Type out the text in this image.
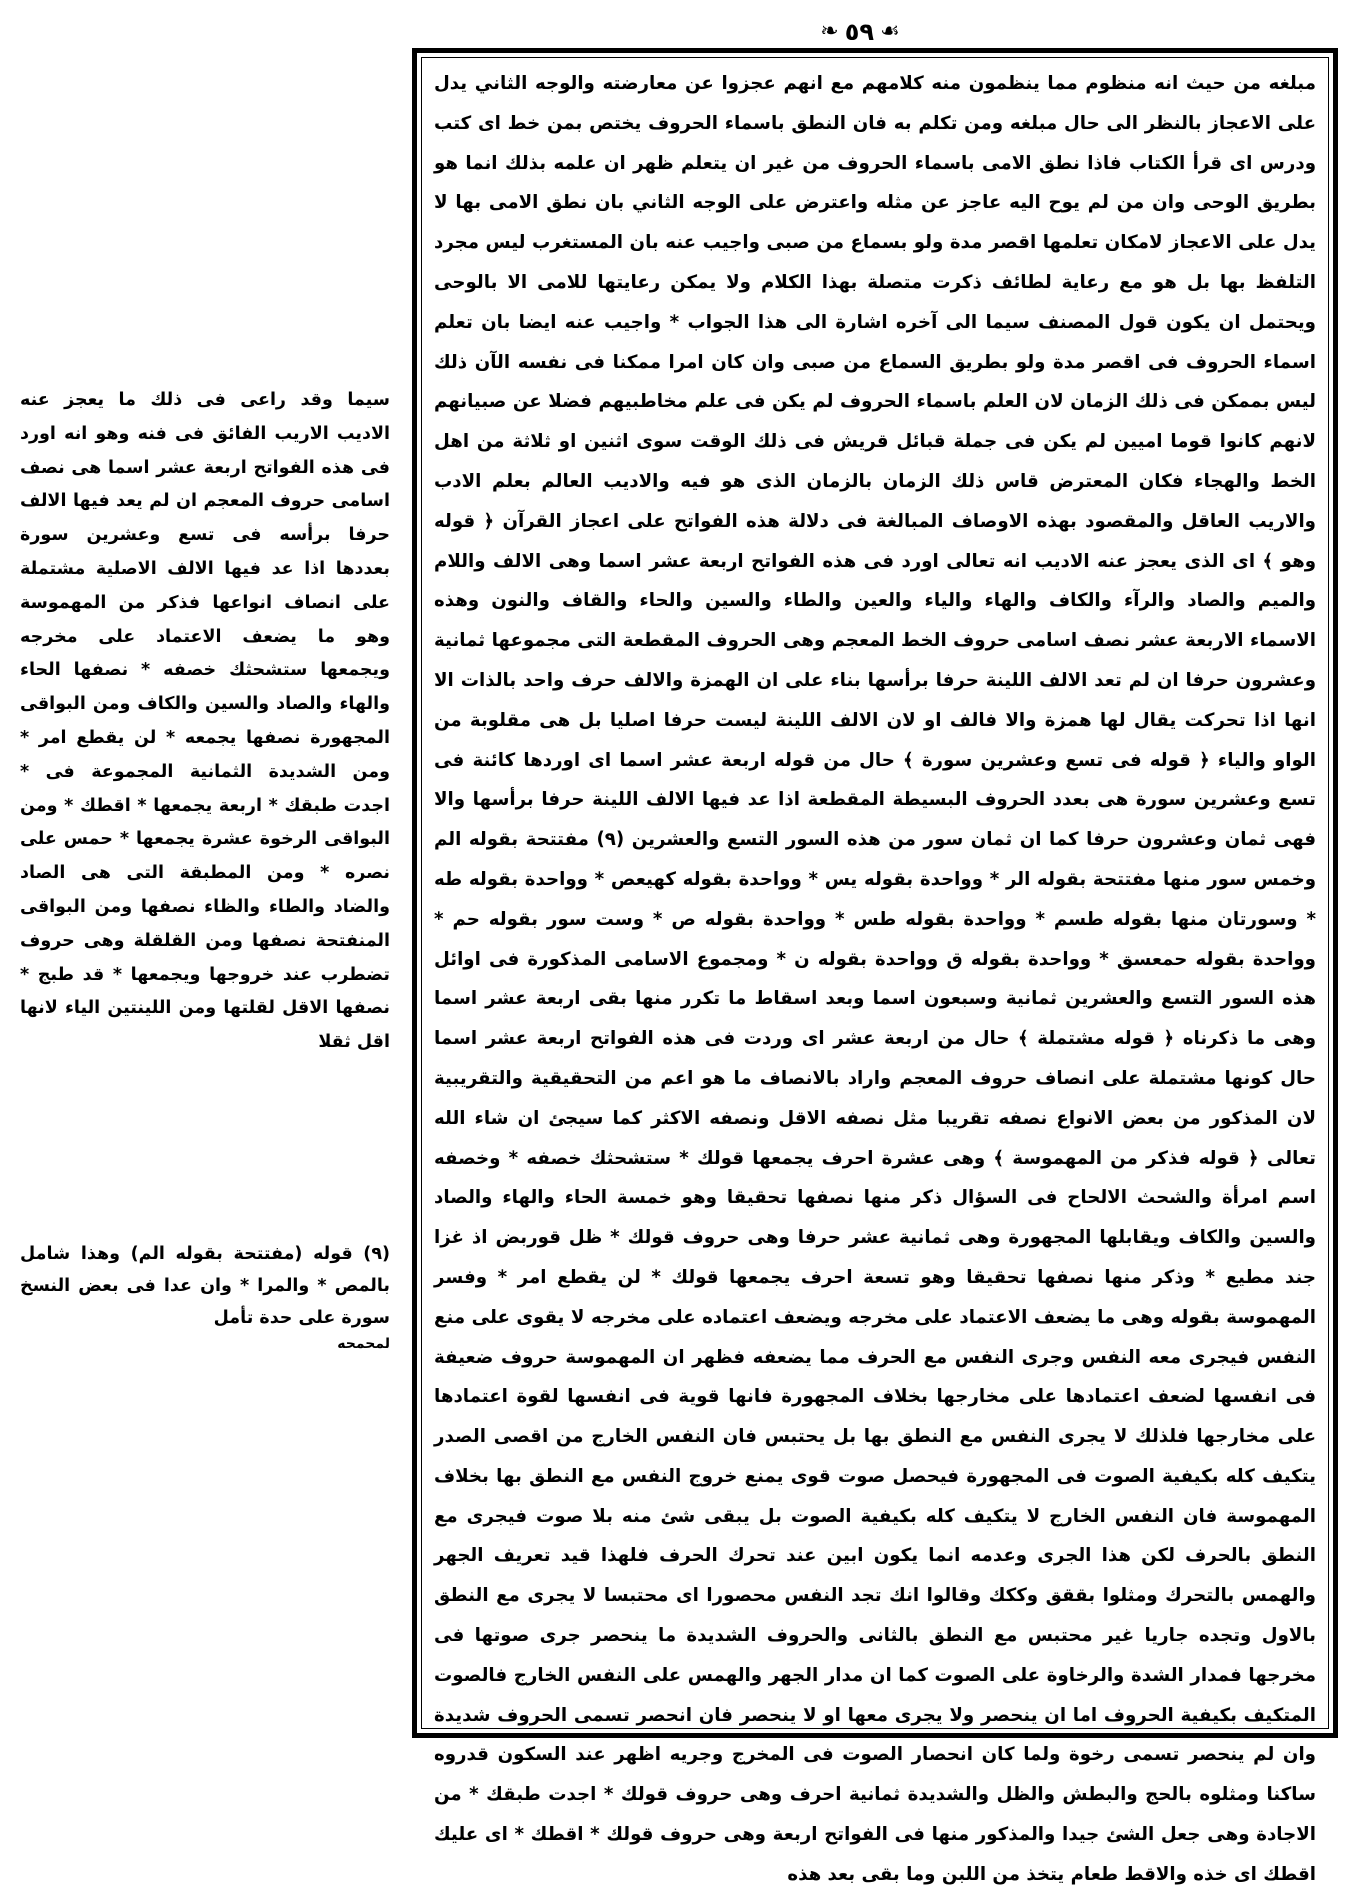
❧ ٥٩ ☙

مبلغه من حيث انه منظوم مما ينظمون منه كلامهم مع انهم عجزوا عن معارضته والوجه الثاني يدل على الاعجاز بالنظر الى حال مبلغه ومن تكلم به فان النطق باسماء الحروف يختص بمن خط اى كتب ودرس اى قرأ الكتاب فاذا نطق الامى باسماء الحروف من غير ان يتعلم ظهر ان علمه بذلك انما هو بطريق الوحى وان من لم يوح اليه عاجز عن مثله واعترض على الوجه الثاني بان نطق الامى بها لا يدل على الاعجاز لامكان تعلمها اقصر مدة ولو بسماع من صبى واجيب عنه بان المستغرب ليس مجرد التلفظ بها بل هو مع رعاية لطائف ذكرت متصلة بهذا الكلام ولا يمكن رعايتها للامى الا بالوحى ويحتمل ان يكون قول المصنف سيما الى آخره اشارة الى هذا الجواب * واجيب عنه ايضا بان تعلم اسماء الحروف فى اقصر مدة ولو بطريق السماع من صبى وان كان امرا ممكنا فى نفسه الآن ذلك ليس بممكن فى ذلك الزمان لان العلم باسماء الحروف لم يكن فى علم مخاطبيهم فضلا عن صبيانهم لانهم كانوا قوما اميين لم يكن فى جملة قبائل قريش فى ذلك الوقت سوى اثنين او ثلاثة من اهل الخط والهجاء فكان المعترض قاس ذلك الزمان بالزمان الذى هو فيه والاديب العالم بعلم الادب والاريب العاقل والمقصود بهذه الاوصاف المبالغة فى دلالة هذه الفواتح على اعجاز القرآن ﴿ قوله وهو ﴾ اى الذى يعجز عنه الاديب انه تعالى اورد فى هذه الفواتح اربعة عشر اسما وهى الالف واللام والميم والصاد والرآء والكاف والهاء والياء والعين والطاء والسين والحاء والقاف والنون وهذه الاسماء الاربعة عشر نصف اسامى حروف الخط المعجم وهى الحروف المقطعة التى مجموعها ثمانية وعشرون حرفا ان لم تعد الالف اللينة حرفا برأسها بناء على ان الهمزة والالف حرف واحد بالذات الا انها اذا تحركت يقال لها همزة والا فالف او لان الالف اللينة ليست حرفا اصليا بل هى مقلوبة من الواو والياء ﴿ قوله فى تسع وعشرين سورة ﴾ حال من قوله اربعة عشر اسما اى اوردها كائنة فى تسع وعشرين سورة هى بعدد الحروف البسيطة المقطعة اذا عد فيها الالف اللينة حرفا برأسها والا فهى ثمان وعشرون حرفا كما ان ثمان سور من هذه السور التسع والعشرين (٩) مفتتحة بقوله الم وخمس سور منها مفتتحة بقوله الر * وواحدة بقوله يس * وواحدة بقوله كهيعص * وواحدة بقوله طه * وسورتان منها بقوله طسم * وواحدة بقوله طس * وواحدة بقوله ص * وست سور بقوله حم * وواحدة بقوله حمعسق * وواحدة بقوله ق وواحدة بقوله ن * ومجموع الاسامى المذكورة فى اوائل هذه السور التسع والعشرين ثمانية وسبعون اسما وبعد اسقاط ما تكرر منها بقى اربعة عشر اسما وهى ما ذكرناه ﴿ قوله مشتملة ﴾ حال من اربعة عشر اى وردت فى هذه الفواتح اربعة عشر اسما حال كونها مشتملة على انصاف حروف المعجم واراد بالانصاف ما هو اعم من التحقيقية والتقريبية لان المذكور من بعض الانواع نصفه تقريبا مثل نصفه الاقل ونصفه الاكثر كما سيجئ ان شاء الله تعالى ﴿ قوله فذكر من المهموسة ﴾ وهى عشرة احرف يجمعها قولك * ستشحثك خصفه * وخصفه اسم امرأة والشحث الالحاح فى السؤال ذكر منها نصفها تحقيقا وهو خمسة الحاء والهاء والصاد والسين والكاف ويقابلها المجهورة وهى ثمانية عشر حرفا وهى حروف قولك * ظل قوربض اذ غزا جند مطيع * وذكر منها نصفها تحقيقا وهو تسعة احرف يجمعها قولك * لن يقطع امر * وفسر المهموسة بقوله وهى ما يضعف الاعتماد على مخرجه ويضعف اعتماده على مخرجه لا يقوى على منع النفس فيجرى معه النفس وجرى النفس مع الحرف مما يضعفه فظهر ان المهموسة حروف ضعيفة فى انفسها لضعف اعتمادها على مخارجها بخلاف المجهورة فانها قوية فى انفسها لقوة اعتمادها على مخارجها فلذلك لا يجرى النفس مع النطق بها بل يحتبس فان النفس الخارج من اقصى الصدر يتكيف كله بكيفية الصوت فى المجهورة فيحصل صوت قوى يمنع خروج النفس مع النطق بها بخلاف المهموسة فان النفس الخارج لا يتكيف كله بكيفية الصوت بل يبقى شئ منه بلا صوت فيجرى مع النطق بالحرف لكن هذا الجرى وعدمه انما يكون ابين عند تحرك الحرف فلهذا قيد تعريف الجهر والهمس بالتحرك ومثلوا بققق وككك وقالوا انك تجد النفس محصورا اى محتبسا لا يجرى مع النطق بالاول وتجده جاريا غير محتبس مع النطق بالثانى والحروف الشديدة ما ينحصر جرى صوتها فى مخرجها فمدار الشدة والرخاوة على الصوت كما ان مدار الجهر والهمس على النفس الخارج فالصوت المتكيف بكيفية الحروف اما ان ينحصر ولا يجرى معها او لا ينحصر فان انحصر تسمى الحروف شديدة وان لم ينحصر تسمى رخوة ولما كان انحصار الصوت فى المخرج وجريه اظهر عند السكون قدروه ساكنا ومثلوه بالحج والبطش والظل والشديدة ثمانية احرف وهى حروف قولك * اجدت طبقك * من الاجادة وهى جعل الشئ جيدا والمذكور منها فى الفواتح اربعة وهى حروف قولك * اقطك * اى عليك اقطك اى خذه والاقط طعام يتخذ من اللبن وما بقى بعد هذه

سيما وقد راعى فى ذلك ما يعجز عنه الاديب الاريب الفائق فى فنه وهو انه اورد فى هذه الفواتح اربعة عشر اسما هى نصف اسامى حروف المعجم ان لم يعد فيها الالف حرفا برأسه فى تسع وعشرين سورة بعددها اذا عد فيها الالف الاصلية مشتملة على انصاف انواعها فذكر من المهموسة وهو ما يضعف الاعتماد على مخرجه ويجمعها ستشحثك خصفه * نصفها الحاء والهاء والصاد والسين والكاف ومن البواقى المجهورة نصفها يجمعه * لن يقطع امر * ومن الشديدة الثمانية المجموعة فى * اجدت طبقك * اربعة يجمعها * اقطك * ومن البواقى الرخوة عشرة يجمعها * حمس على نصره * ومن المطبقة التى هى الصاد والضاد والطاء والظاء نصفها ومن البواقى المنفتحة نصفها ومن القلقلة وهى حروف تضطرب عند خروجها ويجمعها * قد طبج * نصفها الاقل لقلتها ومن اللينتين الياء لانها اقل ثقلا

(٩) قوله (مفتتحة بقوله الم) وهذا شامل بالمص * والمرا * وان عدا فى بعض النسخ سورة على حدة تأمل

لمحمحه
